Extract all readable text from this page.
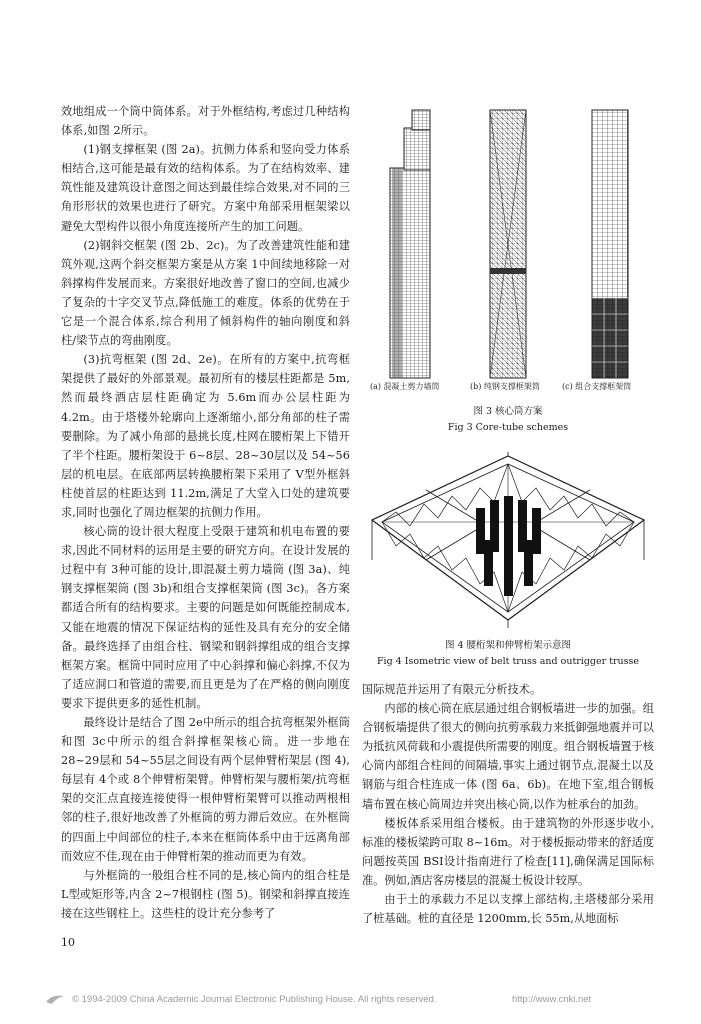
效地组成一个筒中筒体系。对于外框结构,考虑过几种结构体系,如图 2所示。

(1)钢支撑框架 (图 2a)。抗侧力体系和竖向受力体系相结合,这可能是最有效的结构体系。为了在结构效率、建筑性能及建筑设计意图之间达到最佳综合效果,对不同的三角形形状的效果也进行了研究。方案中角部采用框架梁以避免大型构件以很小角度连接所产生的加工问题。

(2)钢斜交框架 (图 2b、2c)。为了改善建筑性能和建筑外观,这两个斜交框架方案是从方案 1中间续地移除一对斜撑构件发展而来。方案很好地改善了窗口的空间,也减少了复杂的十字交叉节点,降低施工的难度。体系的优势在于它是一个混合体系,综合利用了倾斜构件的轴向刚度和斜柱/梁节点的弯曲刚度。

(3)抗弯框架 (图 2d、2e)。在所有的方案中,抗弯框架提供了最好的外部景观。最初所有的楼层柱距都是 5m,然而最终酒店层柱距确定为 5.6m而办公层柱距为 4.2m。由于塔楼外轮廓向上逐渐缩小,部分角部的柱子需要删除。为了减小角部的悬挑长度,柱网在腰桁架上下错开了半个柱距。腰桁架设于 6~8层、28~30层以及 54~56层的机电层。在底部两层转换腰桁架下采用了 V型外框斜柱使首层的柱距达到 11.2m,满足了大堂入口处的建筑要求,同时也强化了周边框架的抗侧力作用。

核心筒的设计很大程度上受限于建筑和机电布置的要求,因此不同材料的运用是主要的研究方向。在设计发展的过程中有 3种可能的设计,即混凝土剪力墙筒 (图 3a)、纯钢支撑框架筒 (图 3b)和组合支撑框架筒 (图 3c)。各方案都适合所有的结构要求。主要的问题是如何既能控制成本,又能在地震的情况下保证结构的延性及具有充分的安全储备。最终选择了由组合柱、钢梁和钢斜撑组成的组合支撑框架方案。框筒中同时应用了中心斜撑和偏心斜撑,不仅为了适应洞口和管道的需要,而且更是为了在严格的侧向刚度要求下提供更多的延性机制。

最终设计是结合了图 2e中所示的组合抗弯框架外框筒和图 3c中所示的组合斜撑框架核心筒。进一步地在 28~29层和 54~55层之间设有两个层伸臂桁架层 (图 4),每层有 4个或 8个伸臂桁架臂。伸臂桁架与腰桁架/抗弯框架的交汇点直接连接使得一根伸臂桁架臂可以推动两根相邻的柱子,很好地改善了外框筒的剪力滞后效应。在外框筒的四面上中间部位的柱子,本来在框筒体系中由于远离角部而效应不佳,现在由于伸臂桁架的推动而更为有效。

与外框筒的一般组合柱不同的是,核心筒内的组合柱是 L型或矩形等,内含 2~7根钢柱 (图 5)。钢梁和斜撑直接连接在这些钢柱上。这些柱的设计充分参考了

(a) 混凝土剪力墙筒	(b) 纯钢支撑框架筒	(c) 组合支撑框架筒
图 3 核心筒方案
Fig 3 Core-tube schemes
图 4 腰桁架和伸臂桁架示意图
Fig 4 Isometric view of belt truss and outrigger trusse

国际规范并运用了有限元分析技术。

内部的核心筒在底层通过组合钢板墙进一步的加强。组合钢板墙提供了很大的侧向抗剪承载力来抵御强地震并可以为抵抗风荷载和小震提供所需要的刚度。组合钢板墙置于核心筒内部组合柱间的间隔墙,事实上通过钢节点,混凝土以及钢筋与组合柱连成一体 (图 6a、6b)。在地下室,组合钢板墙布置在核心筒周边并突出核心筒,以作为桩承台的加劲。

楼板体系采用组合楼板。由于建筑物的外形逐步收小,标准的楼板梁跨可取 8~16m。对于楼板振动带来的舒适度问题按英国 BSI设计指南进行了检查[11],确保满足国际标准。例如,酒店客房楼层的混凝土板设计较厚。

由于土的承载力不足以支撑上部结构,主塔楼部分采用了桩基础。桩的直径是 1200mm,长 55m,从地面标

10
© 1994-2009 China Academic Journal Electronic Publishing House. All rights reserved.	http://www.cnki.net
